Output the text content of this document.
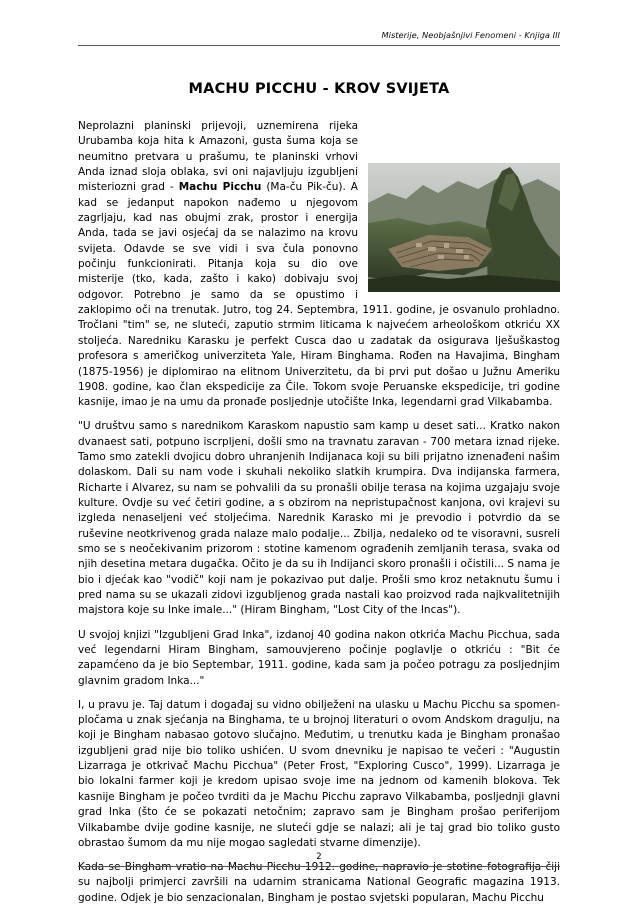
Misterije, Neobjašnjivi Fenomeni - Knjiga III
MACHU PICCHU - KROV SVIJETA

Neprolazni planinski prijevoji, uznemirena rijeka Urubamba koja hita k Amazoni, gusta šuma koja se neumitno pretvara u prašumu, te planinski vrhovi Anda iznad sloja oblaka, svi oni najavljuju izgubljeni misteriozni grad - Machu Picchu (Ma-ču Pik-ču). A kad se jedanput napokon nađemo u njegovom zagrljaju, kad nas obujmi zrak, prostor i energija Anda, tada se javi osjećaj da se nalazimo na krovu svijeta. Odavde se sve vidi i sva čula ponovno počinju funkcionirati. Pitanja koja su dio ove misterije (tko, kada, zašto i kako) dobivaju svoj odgovor. Potrebno je samo da se opustimo i zaklopimo oči na trenutak. Jutro, tog 24. Septembra, 1911. godine, je osvanulo prohladno. Tročlani "tim" se, ne sluteći, zaputio strmim liticama k najvećem arheološkom otkriću XX stoljeća. Naredniku Karasku je perfekt Cusca dao u zadatak da osigurava lješuškastog profesora s američkog univerziteta Yale, Hiram Binghama. Rođen na Havajima, Bingham (1875-1956) je diplomirao na elitnom Univerzitetu, da bi prvi put došao u Južnu Ameriku 1908. godine, kao član ekspedicije za Čile. Tokom svoje Peruanske ekspedicije, tri godine kasnije, imao je na umu da pronađe posljednje utočište Inka, legendarni grad Vilkabamba.

"U društvu samo s narednikom Karaskom napustio sam kamp u deset sati... Kratko nakon dvanaest sati, potpuno iscrpljeni, došli smo na travnatu zaravan - 700 metara iznad rijeke. Tamo smo zatekli dvojicu dobro uhranjenih Indijanaca koji su bili prijatno iznenađeni našim dolaskom. Dali su nam vode i skuhali nekoliko slatkih krumpira. Dva indijanska farmera, Richarte i Alvarez, su nam se pohvalili da su pronašli obilje terasa na kojima uzgajaju svoje kulture. Ovdje su već četiri godine, a s obzirom na nepristupačnost kanjona, ovi krajevi su izgleda nenaseljeni već stoljećima. Narednik Karasko mi je prevodio i potvrdio da se ruševine neotkrivenog grada nalaze malo podalje... Zbilja, nedaleko od te visoravni, susreli smo se s neočekivanim prizorom : stotine kamenom ograđenih zemljanih terasa, svaka od njih desetina metara dugačka. Očito je da su ih Indijanci skoro pronašli i očistili... S nama je bio i djećak kao "vodič" koji nam je pokazivao put dalje. Prošli smo kroz netaknutu šumu i pred nama su se ukazali zidovi izgubljenog grada nastali kao proizvod rada najkvalitetnijih majstora koje su Inke imale..." (Hiram Bingham, "Lost City of the Incas").

U svojoj knjizi "Izgubljeni Grad Inka", izdanoj 40 godina nakon otkrića Machu Picchua, sada već legendarni Hiram Bingham, samouvjereno počinje poglavlje o otkriću : "Bit će zapamćeno da je bio Septembar, 1911. godine, kada sam ja počeo potragu za posljednjim glavnim gradom Inka..."

I, u pravu je. Taj datum i događaj su vidno obilježeni na ulasku u Machu Picchu sa spomen-pločama u znak sjećanja na Binghama, te u brojnoj literaturi o ovom Andskom dragulju, na koji je Bingham nabasao gotovo slučajno. Međutim, u trenutku kada je Bingham pronašao izgubljeni grad nije bio toliko ushićen. U svom dnevniku je napisao te večeri : "Augustin Lizarraga je otkrivač Machu Picchua" (Peter Frost, "Exploring Cusco", 1999). Lizarraga je bio lokalni farmer koji je kredom upisao svoje ime na jednom od kamenih blokova. Tek kasnije Bingham je počeo tvrditi da je Machu Picchu zapravo Vilkabamba, posljednji glavni grad Inka (što će se pokazati netočnim; zapravo sam je Bingham prošao periferijom Vilkabambe dvije godine kasnije, ne sluteći gdje se nalazi; ali je taj grad bio toliko gusto obrastao šumom da mu nije mogao sagledati stvarne dimenzije).

Kada se Bingham vratio na Machu Picchu 1912. godine, napravio je stotine fotografija čiji su najbolji primjerci završili na udarnim stranicama National Geografic magazina 1913. godine. Odjek je bio senzacionalan, Bingham je postao svjetski popularan, Machu Picchu

2
